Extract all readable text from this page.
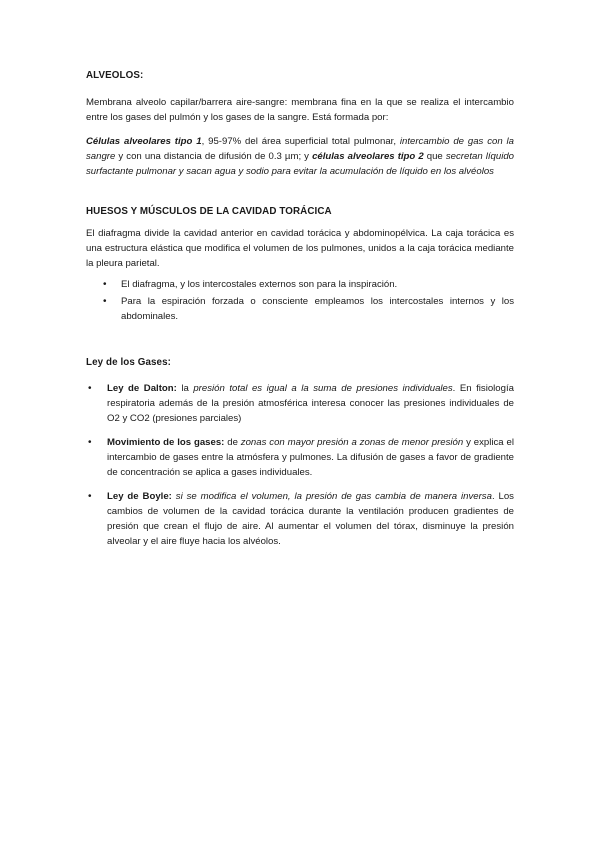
ALVEOLOS:

Membrana alveolo capilar/barrera aire-sangre: membrana fina en la que se realiza el intercambio entre los gases del pulmón y los gases de la sangre. Está formada por:

Células alveolares tipo 1, 95-97% del área superficial total pulmonar, intercambio de gas con la sangre y con una distancia de difusión de 0.3 µm; y células alveolares tipo 2 que secretan líquido surfactante pulmonar y sacan agua y sodio para evitar la acumulación de líquido en los alvéolos

HUESOS Y MÚSCULOS DE LA CAVIDAD TORÁCICA

El diafragma divide la cavidad anterior en cavidad torácica y abdominopélvica. La caja torácica es una estructura elástica que modifica el volumen de los pulmones, unidos a la caja torácica mediante la pleura parietal.

• El diafragma, y los intercostales externos son para la inspiración.
• Para la espiración forzada o consciente empleamos los intercostales internos y los abdominales.
Ley de los Gases:
• Ley de Dalton: la presión total es igual a la suma de presiones individuales. En fisiología respiratoria además de la presión atmosférica interesa conocer las presiones individuales de O2 y CO2 (presiones parciales)
• Movimiento de los gases: de zonas con mayor presión a zonas de menor presión y explica el intercambio de gases entre la atmósfera y pulmones. La difusión de gases a favor de gradiente de concentración se aplica a gases individuales.
• Ley de Boyle: si se modifica el volumen, la presión de gas cambia de manera inversa. Los cambios de volumen de la cavidad torácica durante la ventilación producen gradientes de presión que crean el flujo de aire. Al aumentar el volumen del tórax, disminuye la presión alveolar y el aire fluye hacia los alvéolos.
